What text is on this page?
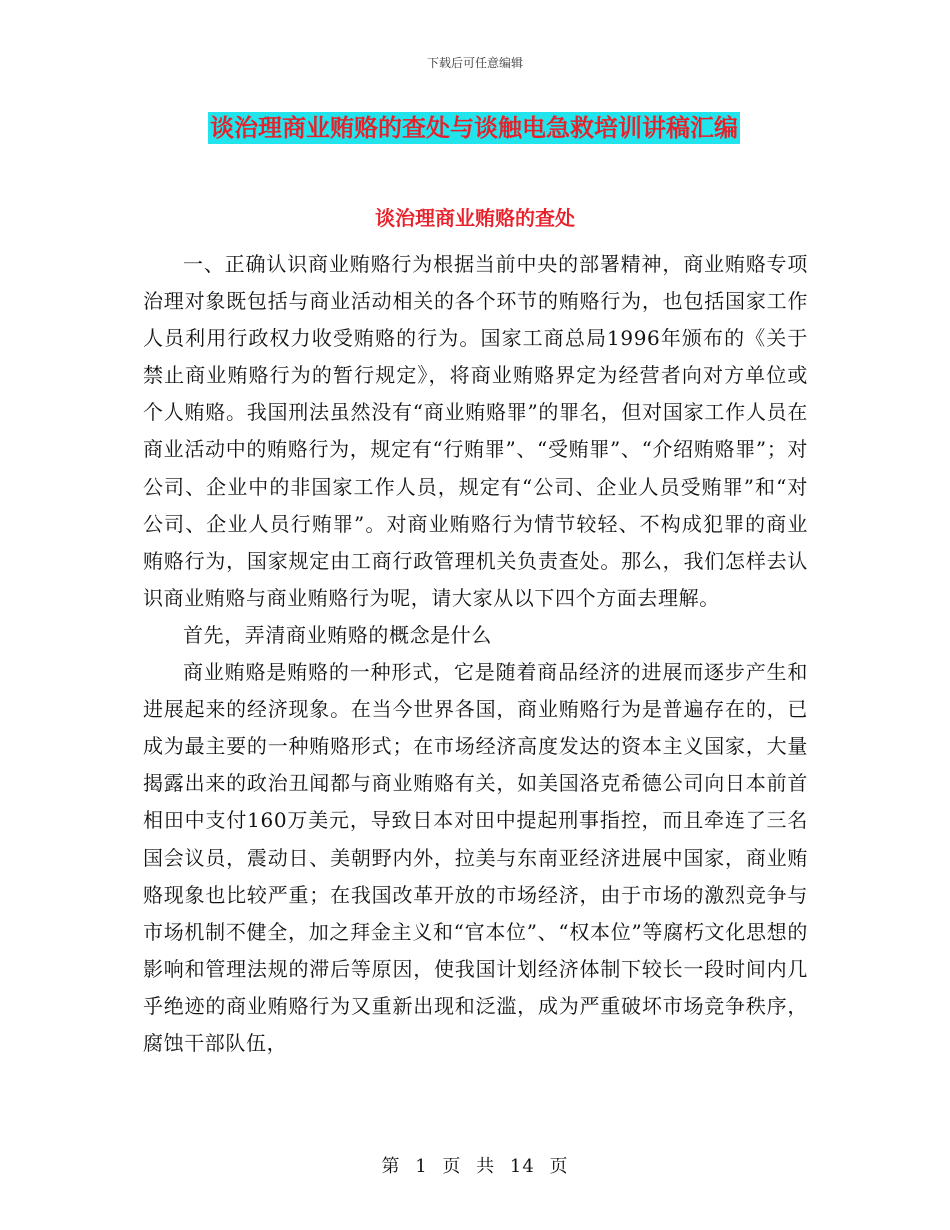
下载后可任意编辑
谈治理商业贿赂的查处与谈触电急救培训讲稿汇编
谈治理商业贿赂的查处

一、正确认识商业贿赂行为根据当前中央的部署精神，商业贿赂专项治理对象既包括与商业活动相关的各个环节的贿赂行为，也包括国家工作人员利用行政权力收受贿赂的行为。国家工商总局1996年颁布的《关于禁止商业贿赂行为的暂行规定》，将商业贿赂界定为经营者向对方单位或个人贿赂。我国刑法虽然没有“商业贿赂罪”的罪名，但对国家工作人员在商业活动中的贿赂行为，规定有“行贿罪”、“受贿罪”、“介绍贿赂罪”；对公司、企业中的非国家工作人员，规定有“公司、企业人员受贿罪”和“对公司、企业人员行贿罪”。对商业贿赂行为情节较轻、不构成犯罪的商业贿赂行为，国家规定由工商行政管理机关负责查处。那么，我们怎样去认识商业贿赂与商业贿赂行为呢，请大家从以下四个方面去理解。

首先，弄清商业贿赂的概念是什么

商业贿赂是贿赂的一种形式，它是随着商品经济的进展而逐步产生和进展起来的经济现象。在当今世界各国，商业贿赂行为是普遍存在的，已成为最主要的一种贿赂形式；在市场经济高度发达的资本主义国家，大量揭露出来的政治丑闻都与商业贿赂有关，如美国洛克希德公司向日本前首相田中支付160万美元，导致日本对田中提起刑事指控，而且牵连了三名国会议员，震动日、美朝野内外，拉美与东南亚经济进展中国家，商业贿赂现象也比较严重；在我国改革开放的市场经济，由于市场的激烈竞争与市场机制不健全，加之拜金主义和“官本位”、“权本位”等腐朽文化思想的影响和管理法规的滞后等原因，使我国计划经济体制下较长一段时间内几乎绝迹的商业贿赂行为又重新出现和泛滥，成为严重破坏市场竞争秩序，腐蚀干部队伍，

第 1 页 共 14 页
